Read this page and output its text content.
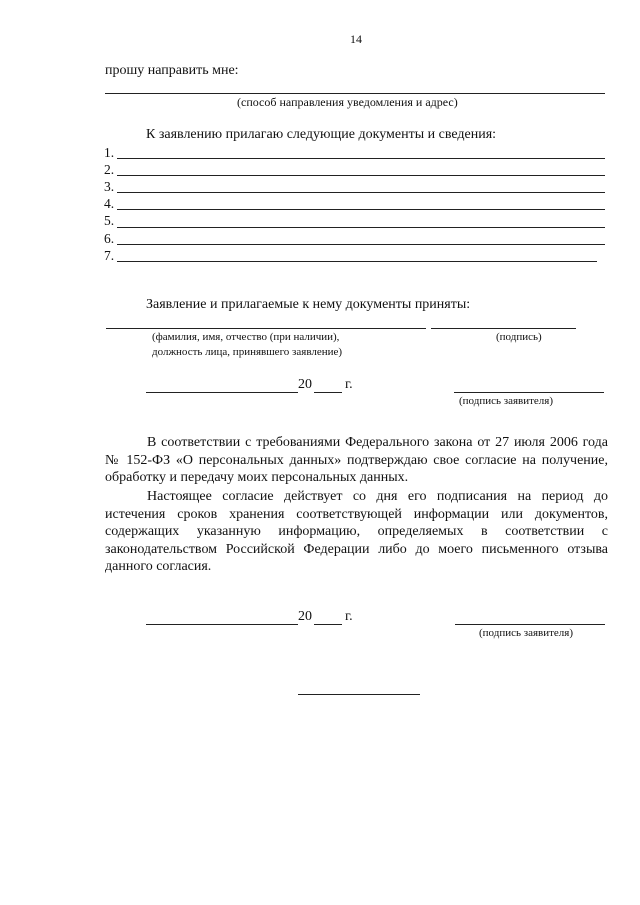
14
прошу направить мне:
(способ направления уведомления и адрес)
К заявлению прилагаю следующие документы и сведения:
1.
2.
3.
4.
5.
6.
7.
Заявление и прилагаемые к нему документы приняты:
(фамилия, имя, отчество (при наличии),
должность лица, принявшего заявление)
(подпись)
20 г.
(подпись заявителя)
В соответствии с требованиями Федерального закона от 27 июля 2006 года № 152-ФЗ «О персональных данных» подтверждаю свое согласие на получение, обработку и передачу моих персональных данных.
Настоящее согласие действует со дня его подписания на период до истечения сроков хранения соответствующей информации или документов, содержащих указанную информацию, определяемых в соответствии с законодательством Российской Федерации либо до моего письменного отзыва данного согласия.
20 г.
(подпись заявителя)
